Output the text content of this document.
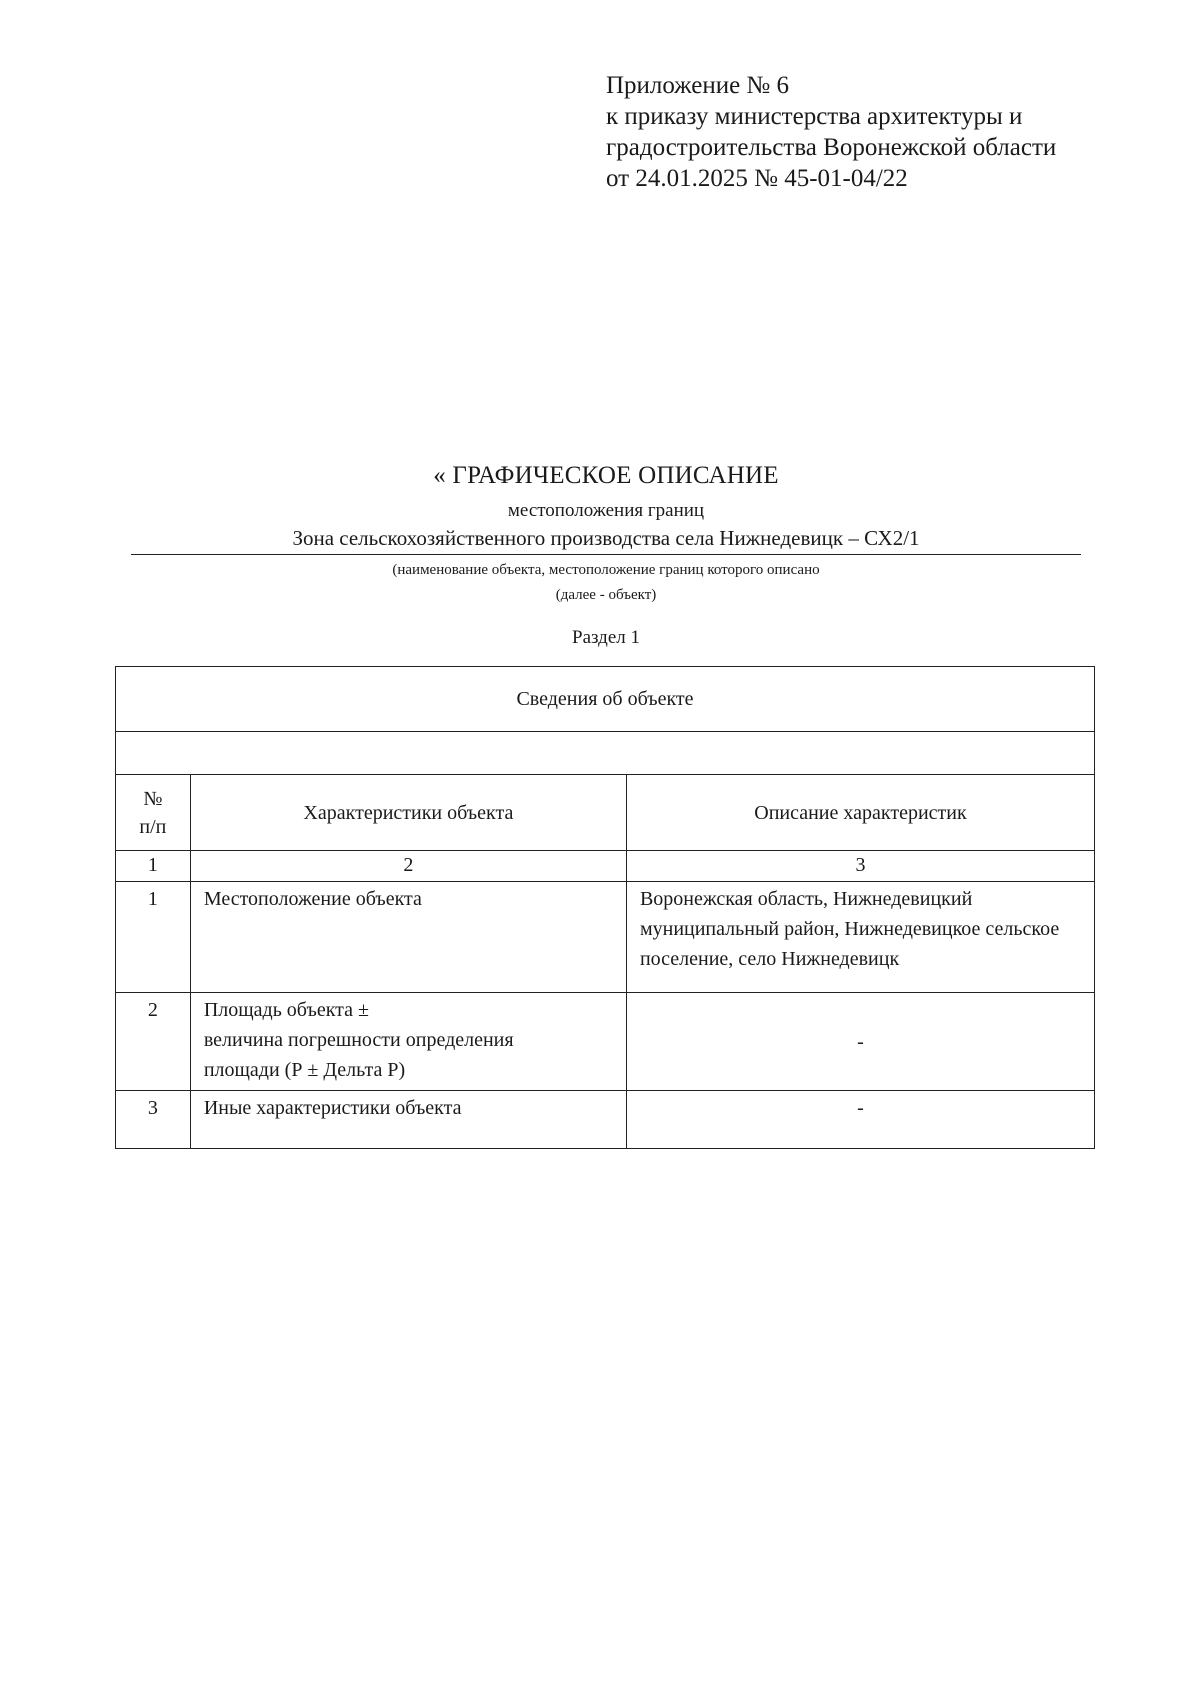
Приложение № 6
к приказу министерства архитектуры и
градостроительства Воронежской области
от 24.01.2025 № 45-01-04/22
« ГРАФИЧЕСКОЕ ОПИСАНИЕ
местоположения границ
Зона сельскохозяйственного производства села Нижнедевицк – СХ2/1
(наименование объекта, местоположение границ которого описано
(далее - объект)
Раздел 1
Сведения об объекте		

№
п/п	Характеристики объекта	Описание характеристик
1	2	3
1	Местоположение объекта	Воронежская область, Нижнедевицкий муниципальный район, Нижнедевицкое сельское поселение, село Нижнедевицк
2	Площадь объекта ±
величина погрешности определения
площади (Р ± Дельта Р)	-
3	Иные характеристики объекта	-
